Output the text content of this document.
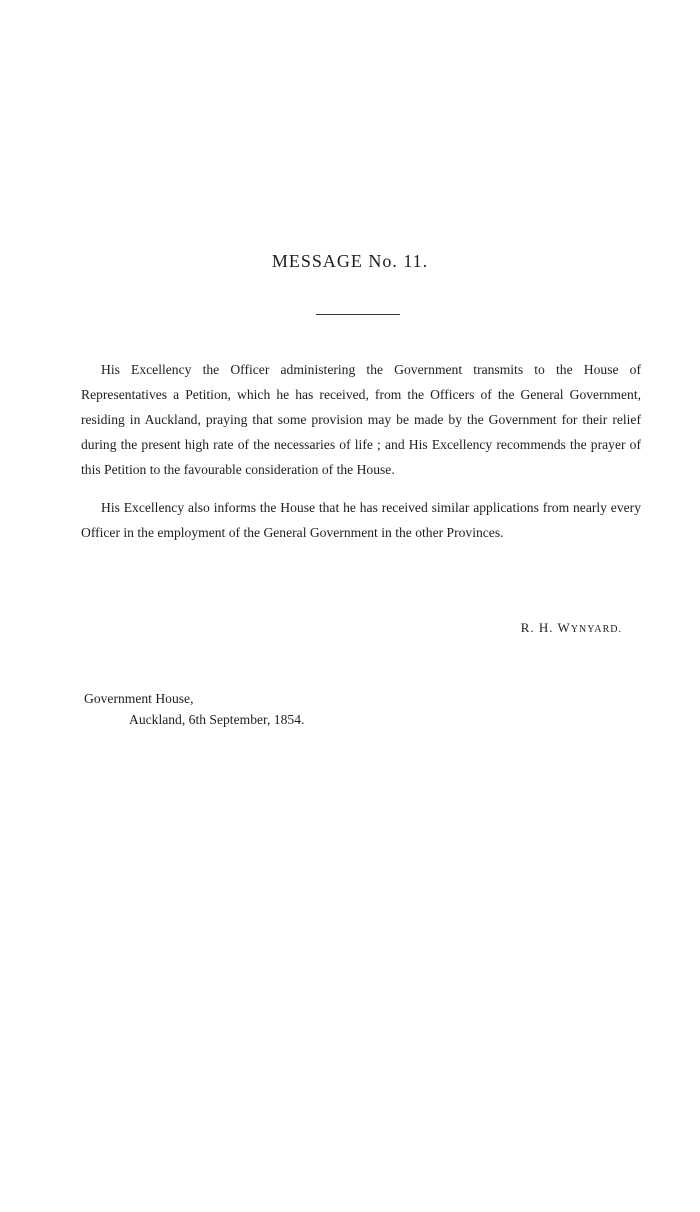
MESSAGE No. 11.

His Excellency the Officer administering the Government transmits to the House of Representatives a Petition, which he has received, from the Officers of the General Government, residing in Auckland, praying that some provision may be made by the Government for their relief during the present high rate of the necessaries of life ; and His Excellency recommends the prayer of this Petition to the favourable consideration of the House.

His Excellency also informs the House that he has received similar applications from nearly every Officer in the employment of the General Government in the other Provinces.

R. H. WYNYARD.
Government House,
Auckland, 6th September, 1854.
